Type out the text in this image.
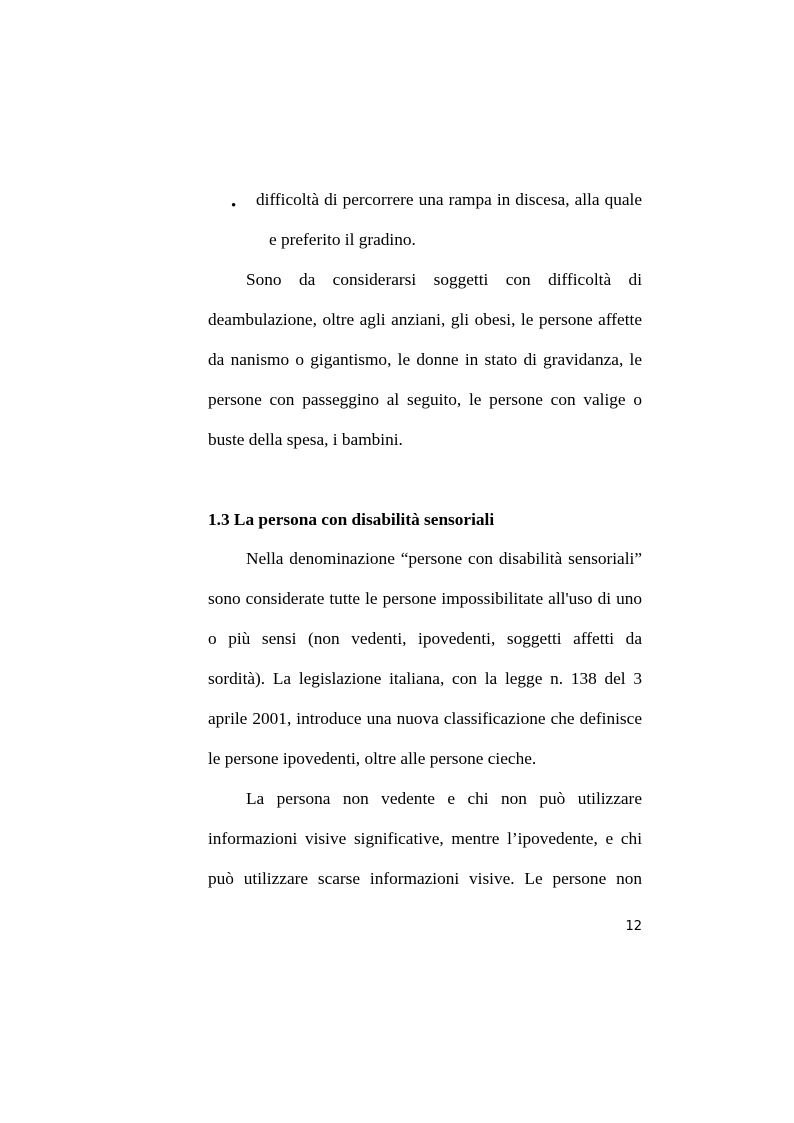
• difficoltà di percorrere una rampa in discesa, alla quale
e preferito il gradino.
Sono da considerarsi soggetti con difficoltà di
deambulazione, oltre agli anziani, gli obesi, le persone affette
da nanismo o gigantismo, le donne in stato di gravidanza, le
persone con passeggino al seguito, le persone con valige o
buste della spesa, i bambini.
1.3 La persona con disabilità sensoriali
Nella denominazione “persone con disabilità sensoriali”
sono considerate tutte le persone impossibilitate all'uso di uno
o più sensi (non vedenti, ipovedenti, soggetti affetti da
sordità). La legislazione italiana, con la legge n. 138 del 3
aprile 2001, introduce una nuova classificazione che definisce
le persone ipovedenti, oltre alle persone cieche.
La persona non vedente e chi non può utilizzare
informazioni visive significative, mentre l’ipovedente, e chi
può utilizzare scarse informazioni visive. Le persone non
12
